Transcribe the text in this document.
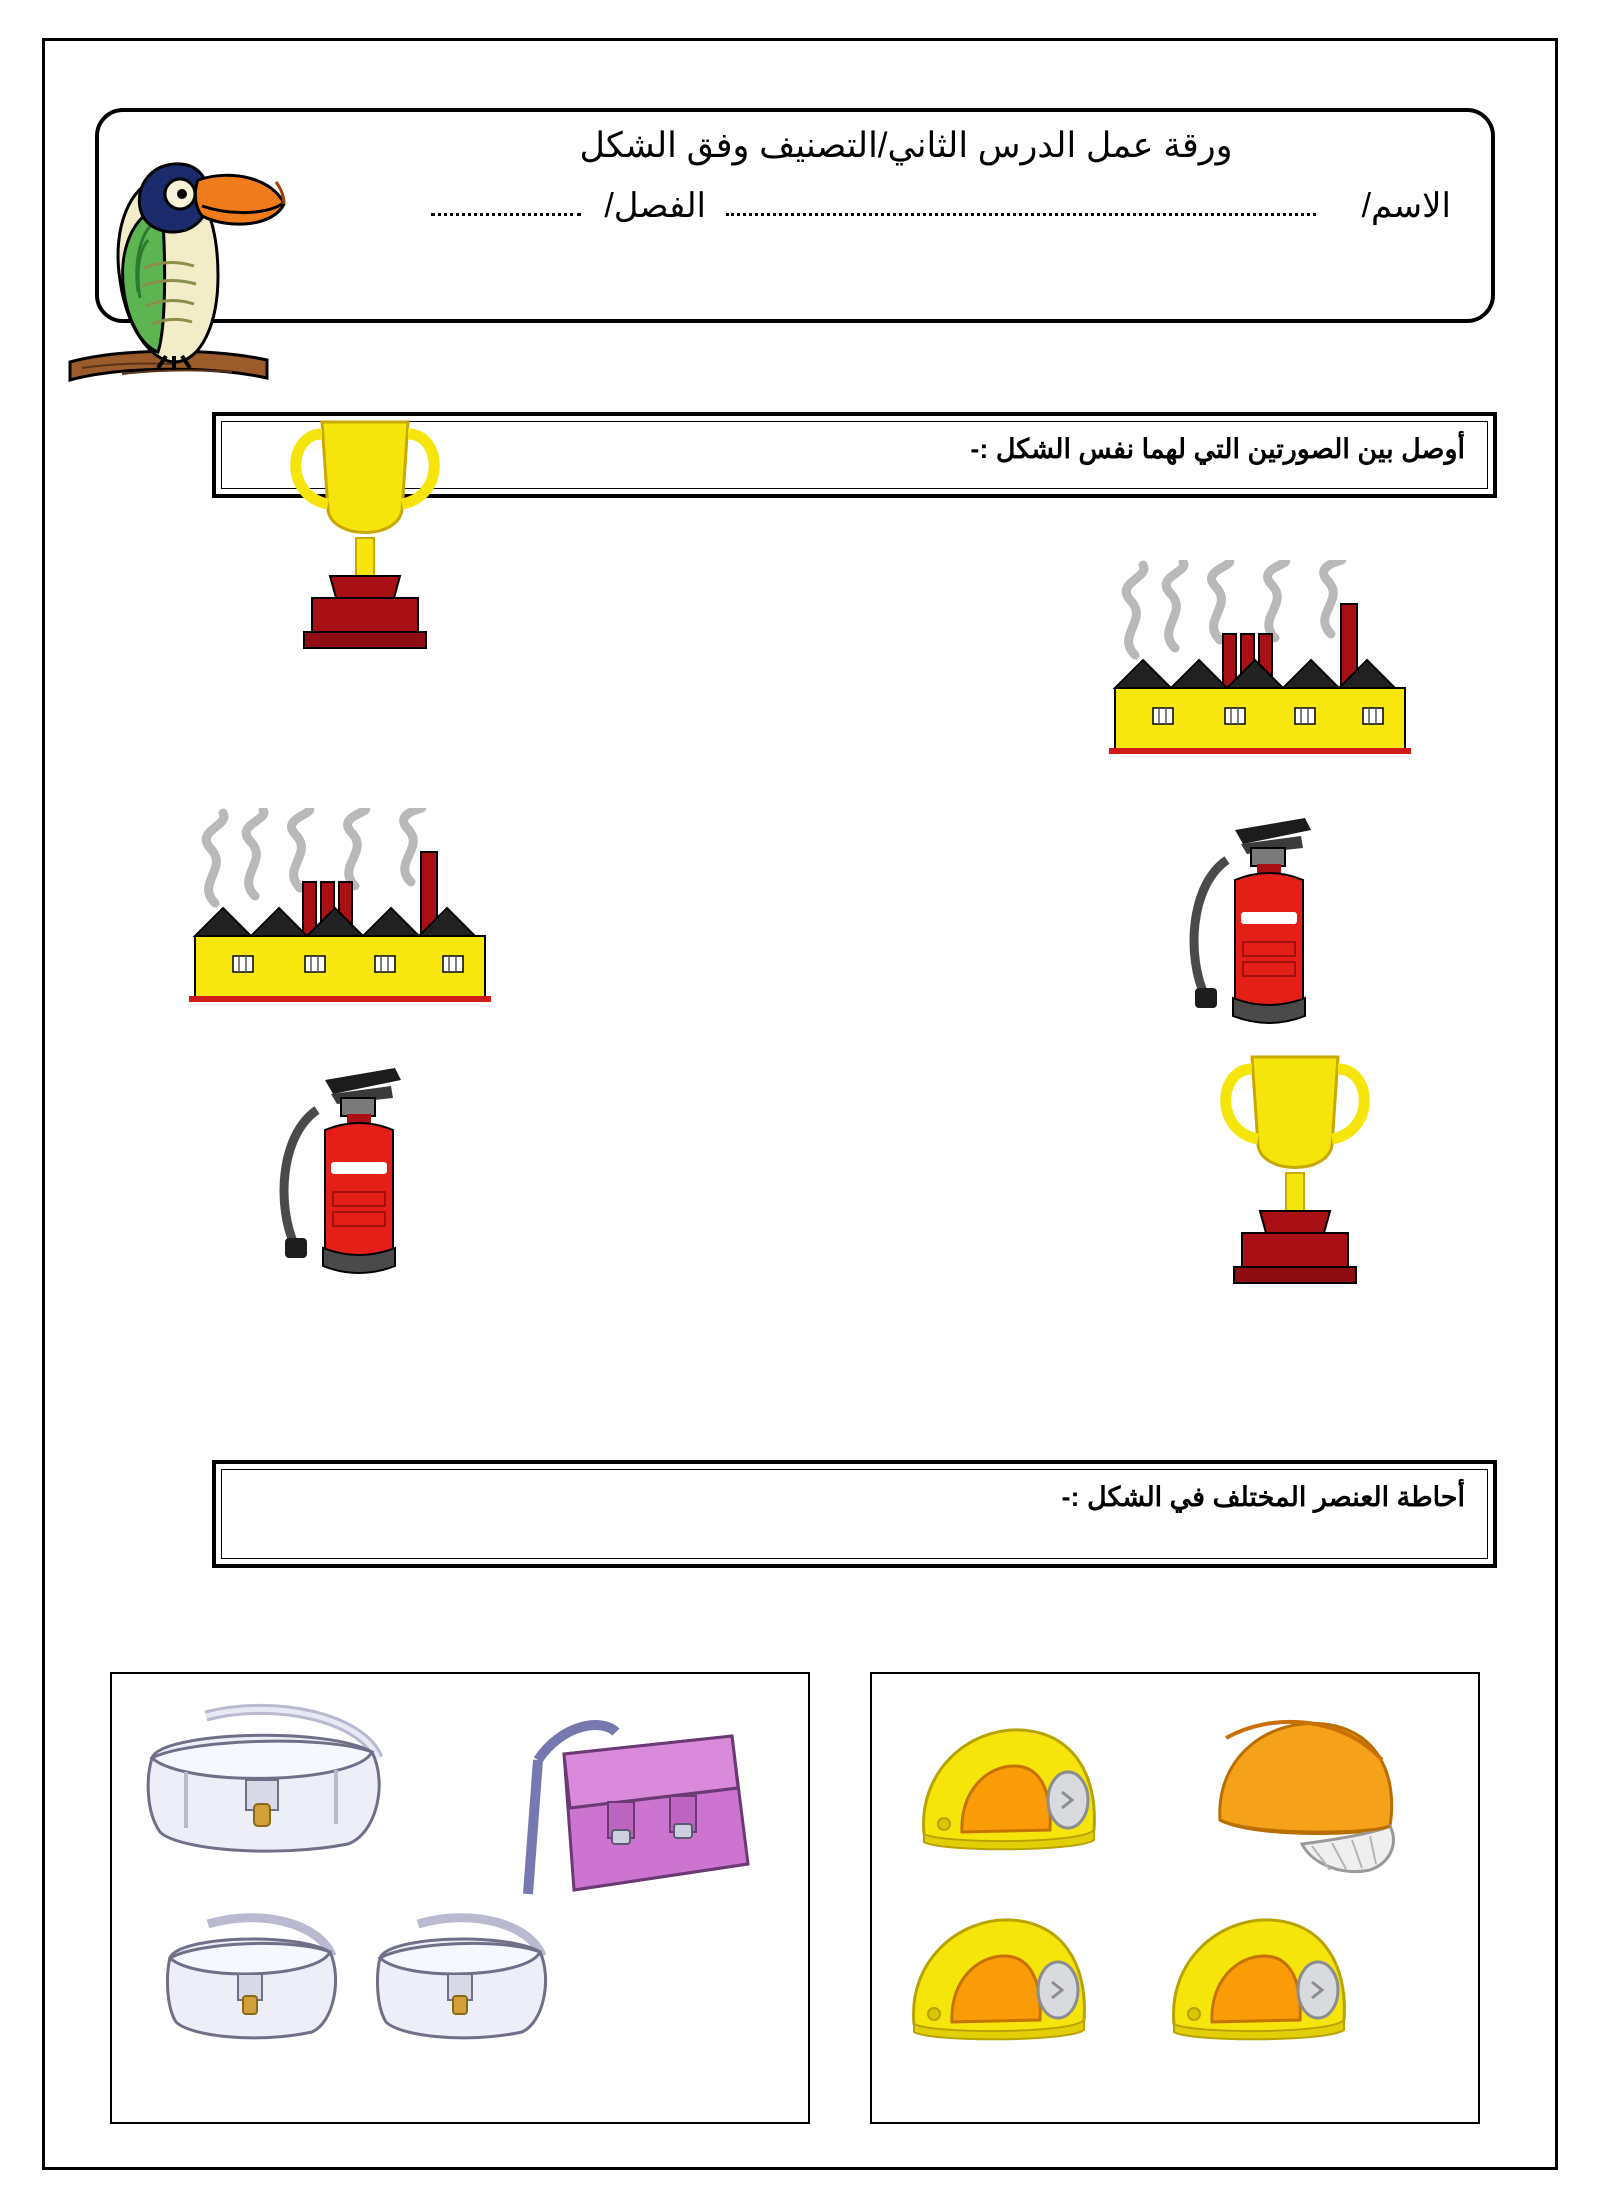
ورقة عمل الدرس الثاني/التصنيف وفق الشكل
الاسم/
الفصل/
أوصل بين الصورتين التي لهما نفس الشكل :-
أحاطة العنصر المختلف في الشكل :-
